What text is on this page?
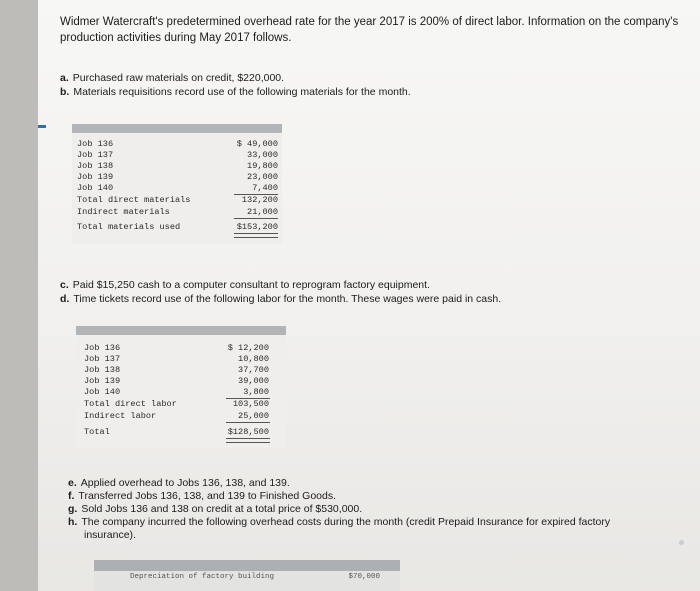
Widmer Watercraft's predetermined overhead rate for the year 2017 is 200% of direct labor. Information on the company's production activities during May 2017 follows.
a. Purchased raw materials on credit, $220,000.
b. Materials requisitions record use of the following materials for the month.
Job 136	$ 49,000
Job 137	33,000
Job 138	19,800
Job 139	23,000
Job 140	7,400
Total direct materials	132,200
Indirect materials	21,000
Total materials used	$153,200
c. Paid $15,250 cash to a computer consultant to reprogram factory equipment.
d. Time tickets record use of the following labor for the month. These wages were paid in cash.
Job 136	$ 12,200
Job 137	10,800
Job 138	37,700
Job 139	39,000
Job 140	3,800
Total direct labor	103,500
Indirect labor	25,000
Total	$128,500
e. Applied overhead to Jobs 136, 138, and 139.
f. Transferred Jobs 136, 138, and 139 to Finished Goods.
g. Sold Jobs 136 and 138 on credit at a total price of $530,000.
h. The company incurred the following overhead costs during the month (credit Prepaid Insurance for expired factory insurance).
Depreciation of factory building	$70,000
